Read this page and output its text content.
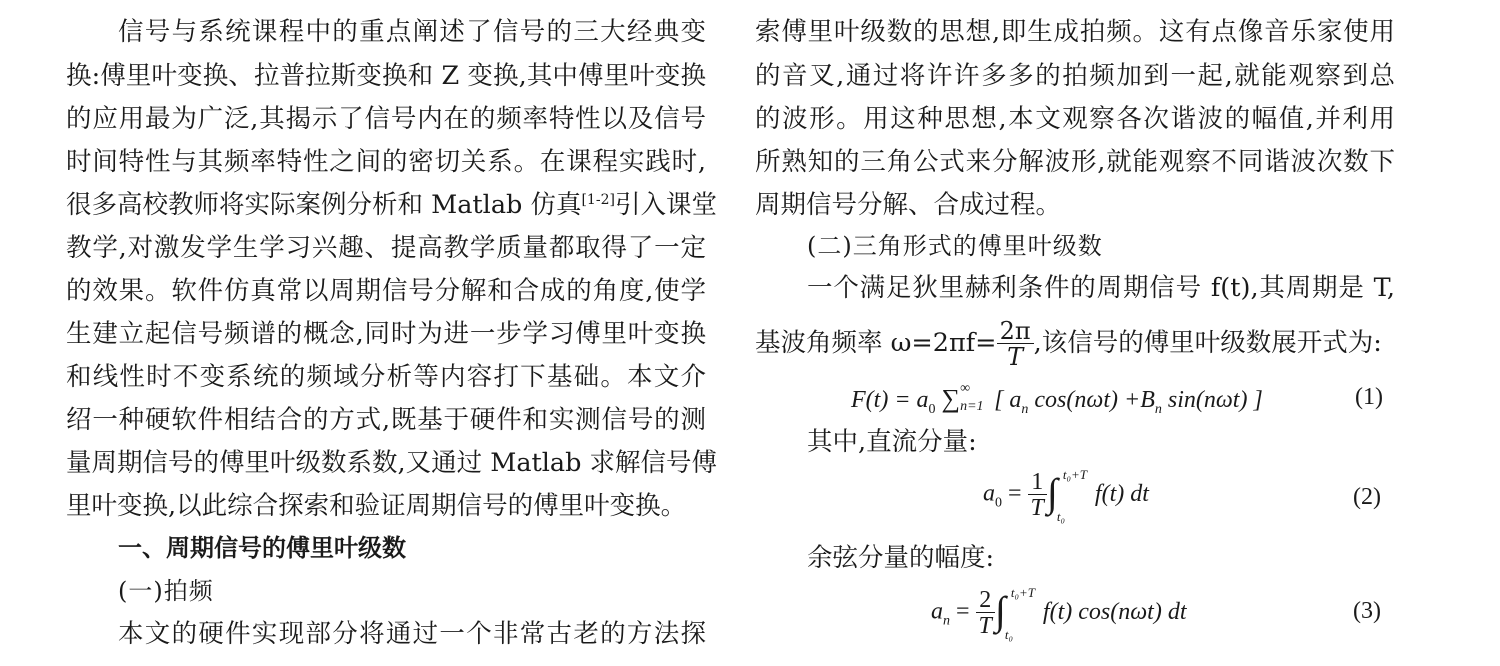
信号与系统课程中的重点阐述了信号的三大经典变
换:傅里叶变换、拉普拉斯变换和 Z 变换,其中傅里叶变换
的应用最为广泛,其揭示了信号内在的频率特性以及信号
时间特性与其频率特性之间的密切关系。在课程实践时,
很多高校教师将实际案例分析和 Matlab 仿真[1-2]引入课堂
教学,对激发学生学习兴趣、提高教学质量都取得了一定
的效果。软件仿真常以周期信号分解和合成的角度,使学
生建立起信号频谱的概念,同时为进一步学习傅里叶变换
和线性时不变系统的频域分析等内容打下基础。本文介
绍一种硬软件相结合的方式,既基于硬件和实测信号的测
量周期信号的傅里叶级数系数,又通过 Matlab 求解信号傅
里叶变换,以此综合探索和验证周期信号的傅里叶变换。
一、周期信号的傅里叶级数
(一)拍频
本文的硬件实现部分将通过一个非常古老的方法探
索傅里叶级数的思想,即生成拍频。这有点像音乐家使用
的音叉,通过将许许多多的拍频加到一起,就能观察到总
的波形。用这种思想,本文观察各次谐波的幅值,并利用
所熟知的三角公式来分解波形,就能观察不同谐波次数下
周期信号分解、合成过程。
(二)三角形式的傅里叶级数
一个满足狄里赫利条件的周期信号 f(t),其周期是 T,
基波角频率 $\omega=2\pi f= \frac{2\pi}{T}$ ,该信号的傅里叶级数展开式为:
$F(t) = a_0$ ∑ ∞
n=1 [ $a_n$ $\cos(n\omega t) +B_n$ sin(nωt) ]	(1)
其中,直流分量:
$a_0 = \frac{1}{T}$ ∫ t₀+T
t₀
f(t) dt	(2)
余弦分量的幅度:
$a_n = \frac{2}{T}$ ∫ t₀+T
t₀
f(t) cos(nωt) dt	(3)
